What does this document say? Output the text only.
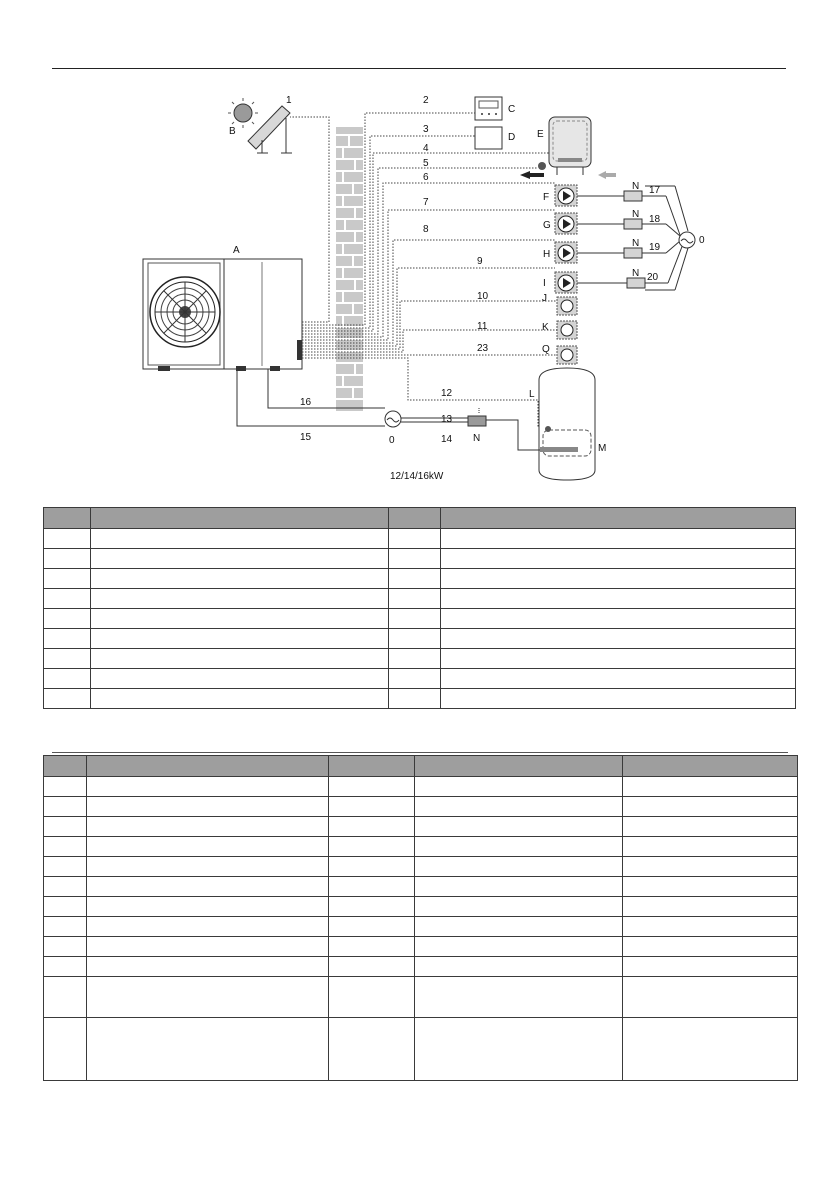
A
B
C
D E
F
G
H
I
J
K
Q
N
N
N
N
0
L
M
0	N
1	2
3
4
5
6
7
8
9
10
11
23
12
13
14
15
16
17
18
19
20
12/14/16kW
